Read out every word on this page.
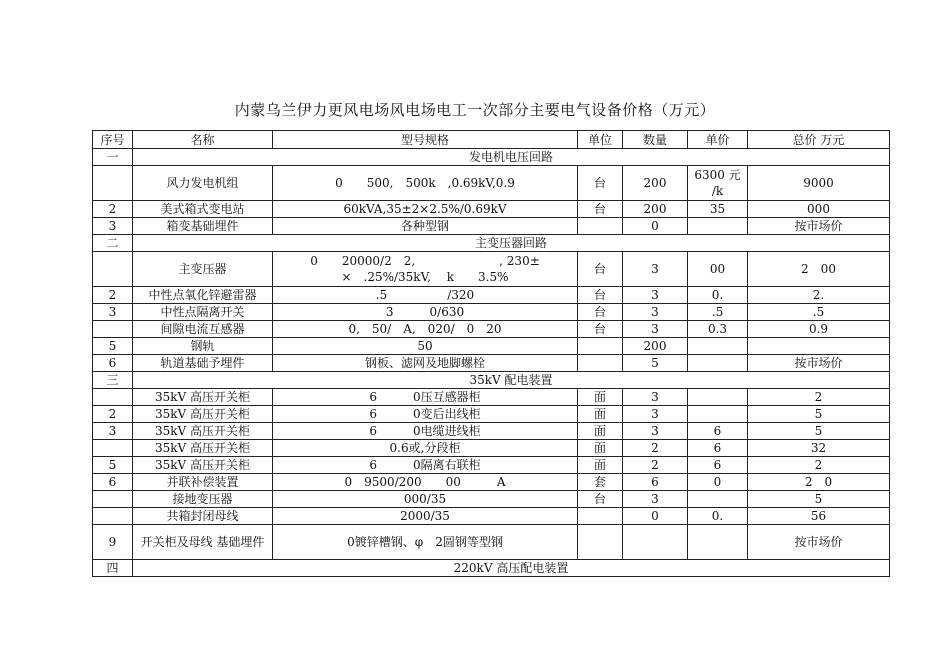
内蒙乌兰伊力更风电场风电场电工一次部分主要电气设备价格（万元）
序号	名称	型号规格	单位	数量	单价	总价 万元
一	发电机电压回路					
	风力发电机组	0　　500,　500k　,0.69kV,0.9	台	200	6300 元 /k	9000
2	美式箱式变电站	60kVA,35±2×2.5%/0.69kV	台	200	35	000
3	箱变基础埋件	各种型钢		0		按市场价
二	主变压器回路					
	主变压器	0　　20000/2　2,　　　　　　　, 230±　×　.25%/35kV,　 k　　3.5%	台	3	00	2　00
2	中性点氧化锌避雷器	.5　　　　　/320	台	3	0.	2.
3	中性点隔离开关	3　　　0/630	台	3	.5	.5
	间隙电流互感器	0,　50/　A,　020/　0　20	台	3	0.3	0.9
5	钢轨	50		200		
6	轨道基础予埋件	钢板、滤网及地脚螺栓		5		按市场价
三	35kV 配电装置					
	35kV 高压开关柜	6　　　0压互感器柜	面	3		2
2	35kV 高压开关柜	6　　　0变后出线柜	面	3		5
3	35kV 高压开关柜	6　　　0电缆进线柜	面	3	6	5
	35kV 高压开关柜	0.6或,分段柜	面	2	6	32
5	35kV 高压开关柜	6　　　0隔离右联柜	面	2	6	2
6	并联补偿装置	0　9500/200　　00　　　A	套	6	0	2　0
	接地变压器	000/35	台	3		5
	共箱封闭母线	2000/35		0	0.	56
9	开关柜及母线 基础埋件	0镀锌槽钢、φ　2圆钢等型钢				按市场价
四	220kV 高压配电装置					
